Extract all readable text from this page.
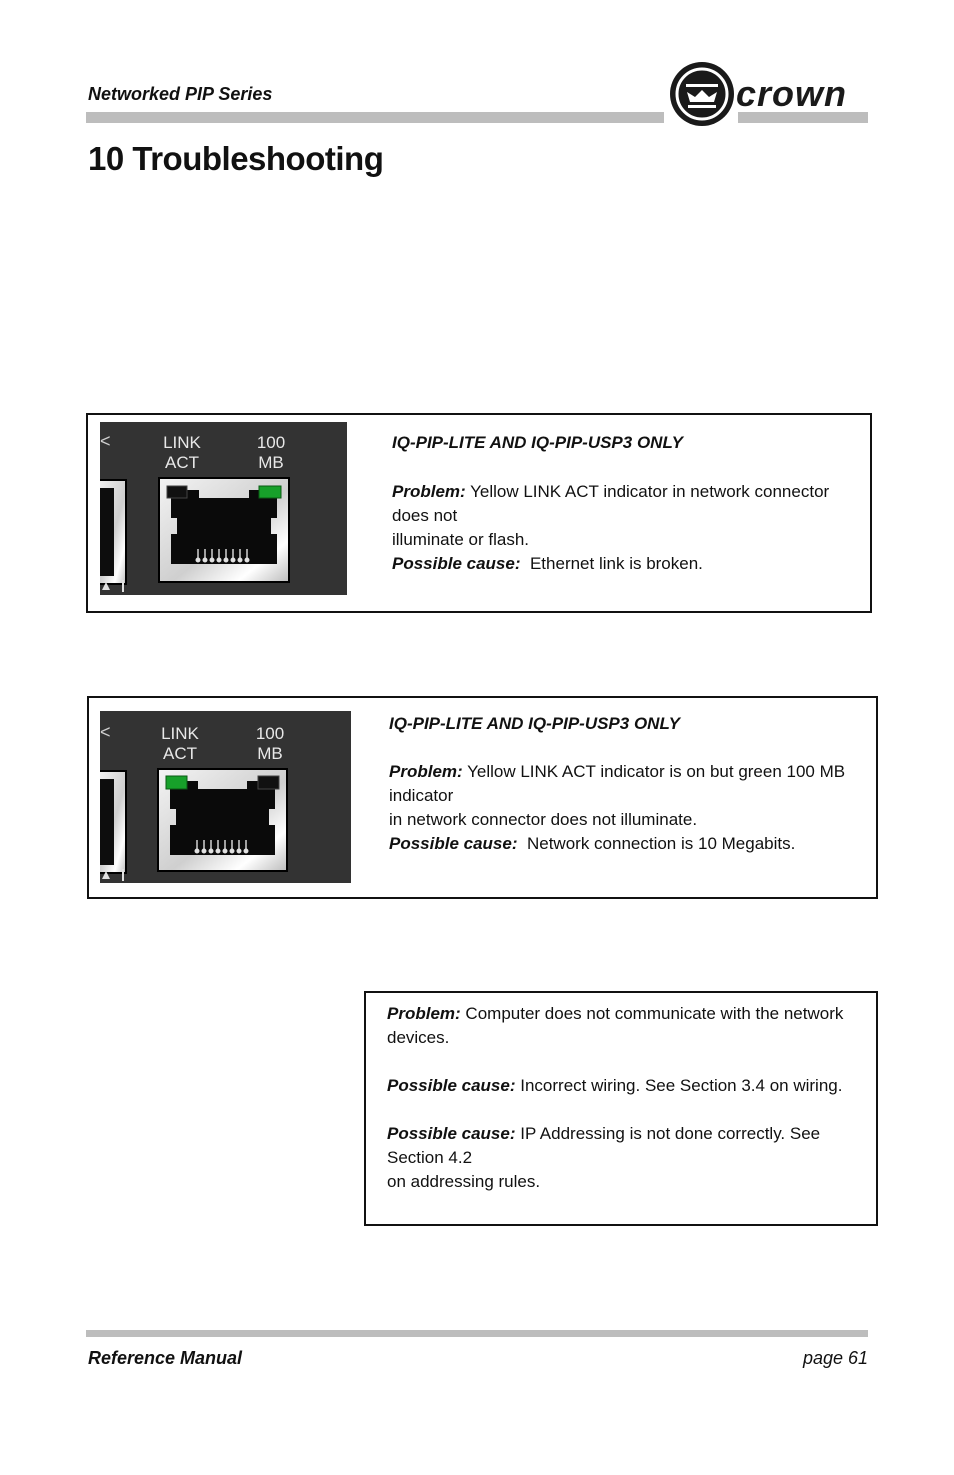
Networked PIP Series	crown
10 Troubleshooting
<	LINK
ACT
100
MB
IQ-PIP-LITE AND IQ-PIP-USP3 ONLY
Problem: Yellow LINK ACT indicator in network connector does not
illuminate or flash.
Possible cause: Ethernet link is broken.
<	LINK
ACT
100
MB
IQ-PIP-LITE AND IQ-PIP-USP3 ONLY
Problem: Yellow LINK ACT indicator is on but green 100 MB indicator
in network connector does not illuminate.
Possible cause: Network connection is 10 Megabits.
Problem: Computer does not communicate with the network
devices.
Possible cause: Incorrect wiring. See Section 3.4 on wiring.
Possible cause: IP Addressing is not done correctly. See Section 4.2
on addressing rules.
Reference Manual	page 61
